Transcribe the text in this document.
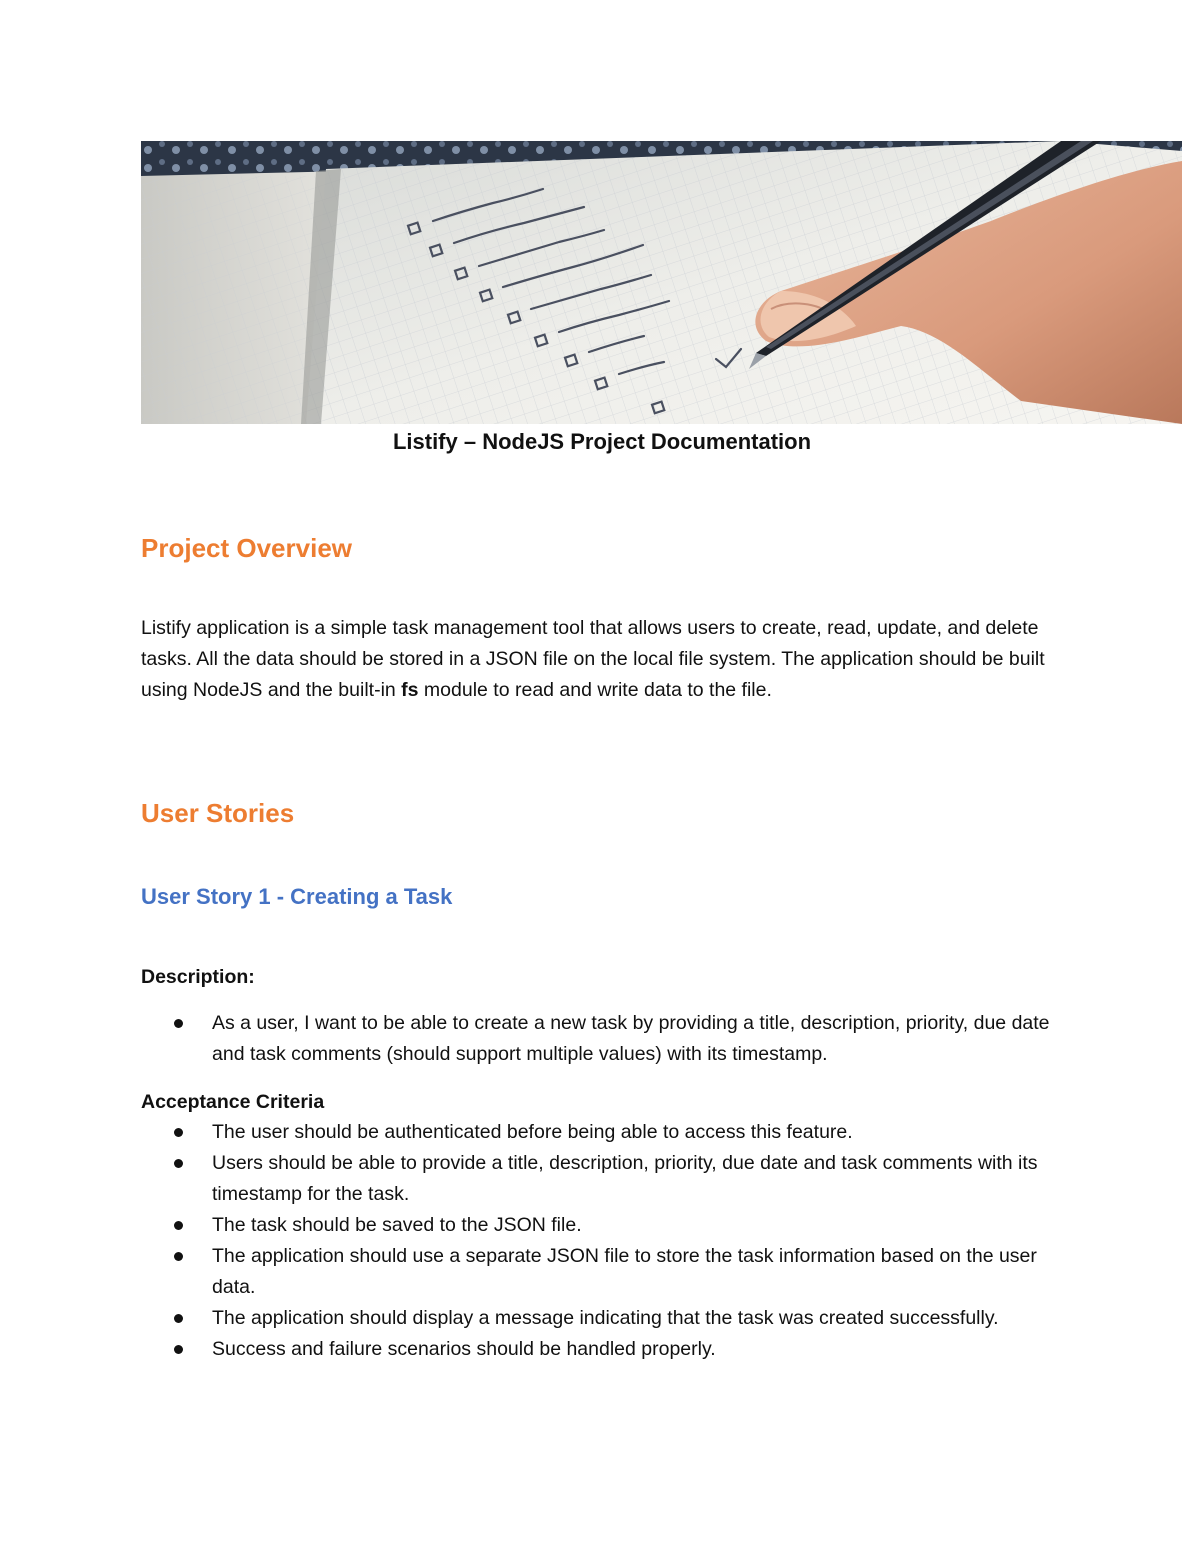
Listify – NodeJS Project Documentation
Project Overview

Listify application is a simple task management tool that allows users to create, read, update, and delete tasks. All the data should be stored in a JSON file on the local file system. The application should be built using NodeJS and the built-in fs module to read and write data to the file.

User Stories
User Story 1 - Creating a Task
Description:
As a user, I want to be able to create a new task by providing a title, description, priority, due date and task comments (should support multiple values) with its timestamp.
Acceptance Criteria
The user should be authenticated before being able to access this feature.
Users should be able to provide a title, description, priority, due date and task comments with its timestamp for the task.
The task should be saved to the JSON file.
The application should use a separate JSON file to store the task information based on the user data.
The application should display a message indicating that the task was created successfully.
Success and failure scenarios should be handled properly.
